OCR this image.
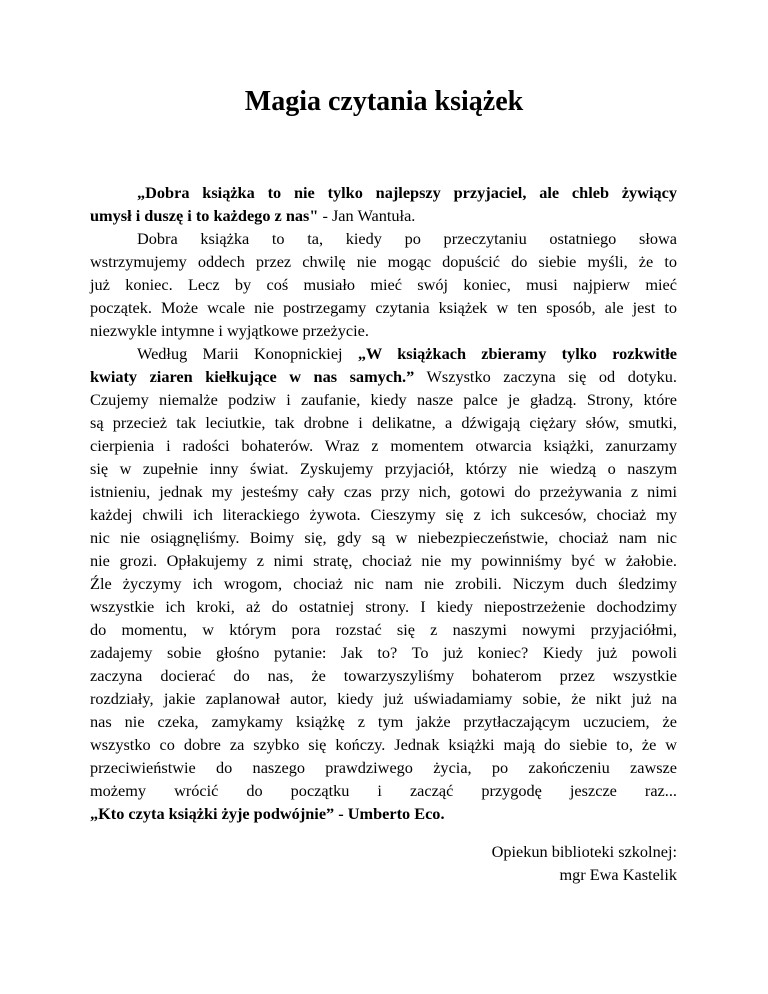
Magia czytania książek
„Dobra książka to nie tylko najlepszy przyjaciel, ale chleb żywiący
umysł i duszę i to każdego z nas" - Jan Wantuła.
Dobra książka to ta, kiedy po przeczytaniu ostatniego słowa
wstrzymujemy oddech przez chwilę nie mogąc dopuścić do siebie myśli, że to
już koniec. Lecz by coś musiało mieć swój koniec, musi najpierw mieć
początek. Może wcale nie postrzegamy czytania książek w ten sposób, ale jest to
niezwykle intymne i wyjątkowe przeżycie.
Według Marii Konopnickiej „W książkach zbieramy tylko rozkwitłe
kwiaty ziaren kiełkujące w nas samych.” Wszystko zaczyna się od dotyku.
Czujemy niemalże podziw i zaufanie, kiedy nasze palce je gładzą. Strony, które
są przecież tak leciutkie, tak drobne i delikatne, a dźwigają ciężary słów, smutki,
cierpienia i radości bohaterów. Wraz z momentem otwarcia książki, zanurzamy
się w zupełnie inny świat. Zyskujemy przyjaciół, którzy nie wiedzą o naszym
istnieniu, jednak my jesteśmy cały czas przy nich, gotowi do przeżywania z nimi
każdej chwili ich literackiego żywota. Cieszymy się z ich sukcesów, chociaż my
nic nie osiągnęliśmy. Boimy się, gdy są w niebezpieczeństwie, chociaż nam nic
nie grozi. Opłakujemy z nimi stratę, chociaż nie my powinniśmy być w żałobie.
Źle życzymy ich wrogom, chociaż nic nam nie zrobili. Niczym duch śledzimy
wszystkie ich kroki, aż do ostatniej strony. I kiedy niepostrzeżenie dochodzimy
do momentu, w którym pora rozstać się z naszymi nowymi przyjaciółmi,
zadajemy sobie głośno pytanie: Jak to? To już koniec? Kiedy już powoli
zaczyna docierać do nas, że towarzyszyliśmy bohaterom przez wszystkie
rozdziały, jakie zaplanował autor, kiedy już uświadamiamy sobie, że nikt już na
nas nie czeka, zamykamy książkę z tym jakże przytłaczającym uczuciem, że
wszystko co dobre za szybko się kończy. Jednak książki mają do siebie to, że w
przeciwieństwie do naszego prawdziwego życia, po zakończeniu zawsze
możemy wrócić do początku i zacząć przygodę jeszcze raz...
„Kto czyta książki żyje podwójnie” - Umberto Eco.
Opiekun biblioteki szkolnej:
mgr Ewa Kastelik
